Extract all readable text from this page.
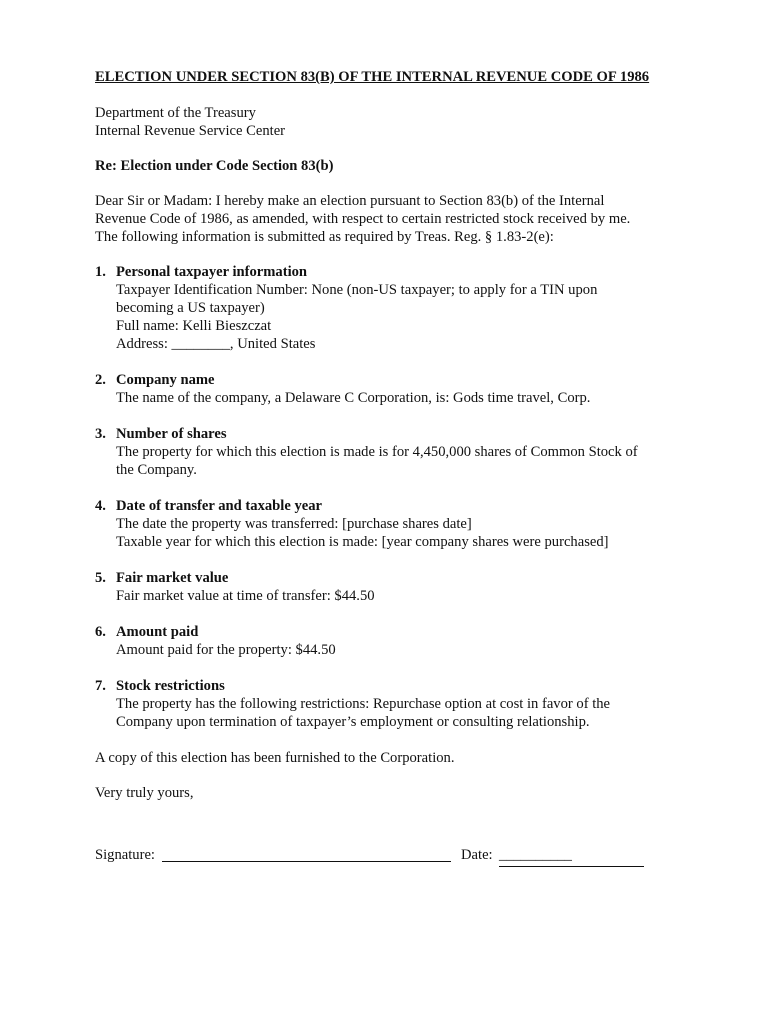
ELECTION UNDER SECTION 83(B) OF THE INTERNAL REVENUE CODE OF 1986
Department of the Treasury
Internal Revenue Service Center
Re: Election under Code Section 83(b)
Dear Sir or Madam: I hereby make an election pursuant to Section 83(b) of the Internal
Revenue Code of 1986, as amended, with respect to certain restricted stock received by me.
The following information is submitted as required by Treas. Reg. § 1.83-2(e):
1. Personal taxpayer information
Taxpayer Identification Number: None (non-US taxpayer; to apply for a TIN upon
becoming a US taxpayer)
Full name: Kelli Bieszczat
Address: ________, United States
2. Company name
The name of the company, a Delaware C Corporation, is: Gods time travel, Corp.
3. Number of shares
The property for which this election is made is for 4,450,000 shares of Common Stock of
the Company.
4. Date of transfer and taxable year
The date the property was transferred: [purchase shares date]
Taxable year for which this election is made: [year company shares were purchased]
5. Fair market value
Fair market value at time of transfer: $44.50
6. Amount paid
Amount paid for the property: $44.50
7. Stock restrictions
The property has the following restrictions: Repurchase option at cost in favor of the
Company upon termination of taxpayer’s employment or consulting relationship.
A copy of this election has been furnished to the Corporation.
Very truly yours,
Signature:	Date: __________
